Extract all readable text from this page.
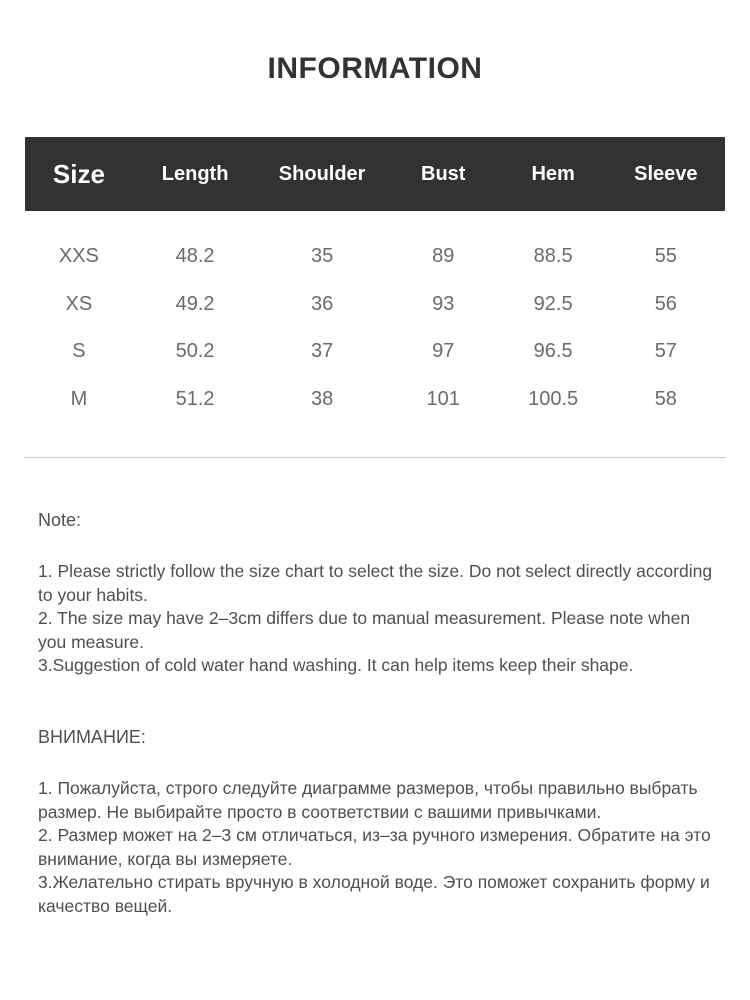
INFORMATION
Size	Length	Shoulder	Bust	Hem	Sleeve
XXS	48.2	35	89	88.5	55
XS	49.2	36	93	92.5	56
S	50.2	37	97	96.5	57
M	51.2	38	101	100.5	58
Note:

1. Please strictly follow the size chart to select the size. Do not select directly according to your habits.

2. The size may have 2–3cm differs due to manual measurement. Please note when you measure.

3.Suggestion of cold water hand washing. It can help items keep their shape.

ВНИМАНИЕ:

1. Пожалуйста, строго следуйте диаграмме размеров, чтобы правильно выбрать размер. Не выбирайте просто в соответствии с вашими привычками.

2. Размер может на 2–3 см отличаться, из–за ручного измерения. Обратите на это внимание, когда вы измеряете.

3.Желательно стирать вручную в холодной воде. Это поможет сохранить форму и качество вещей.
